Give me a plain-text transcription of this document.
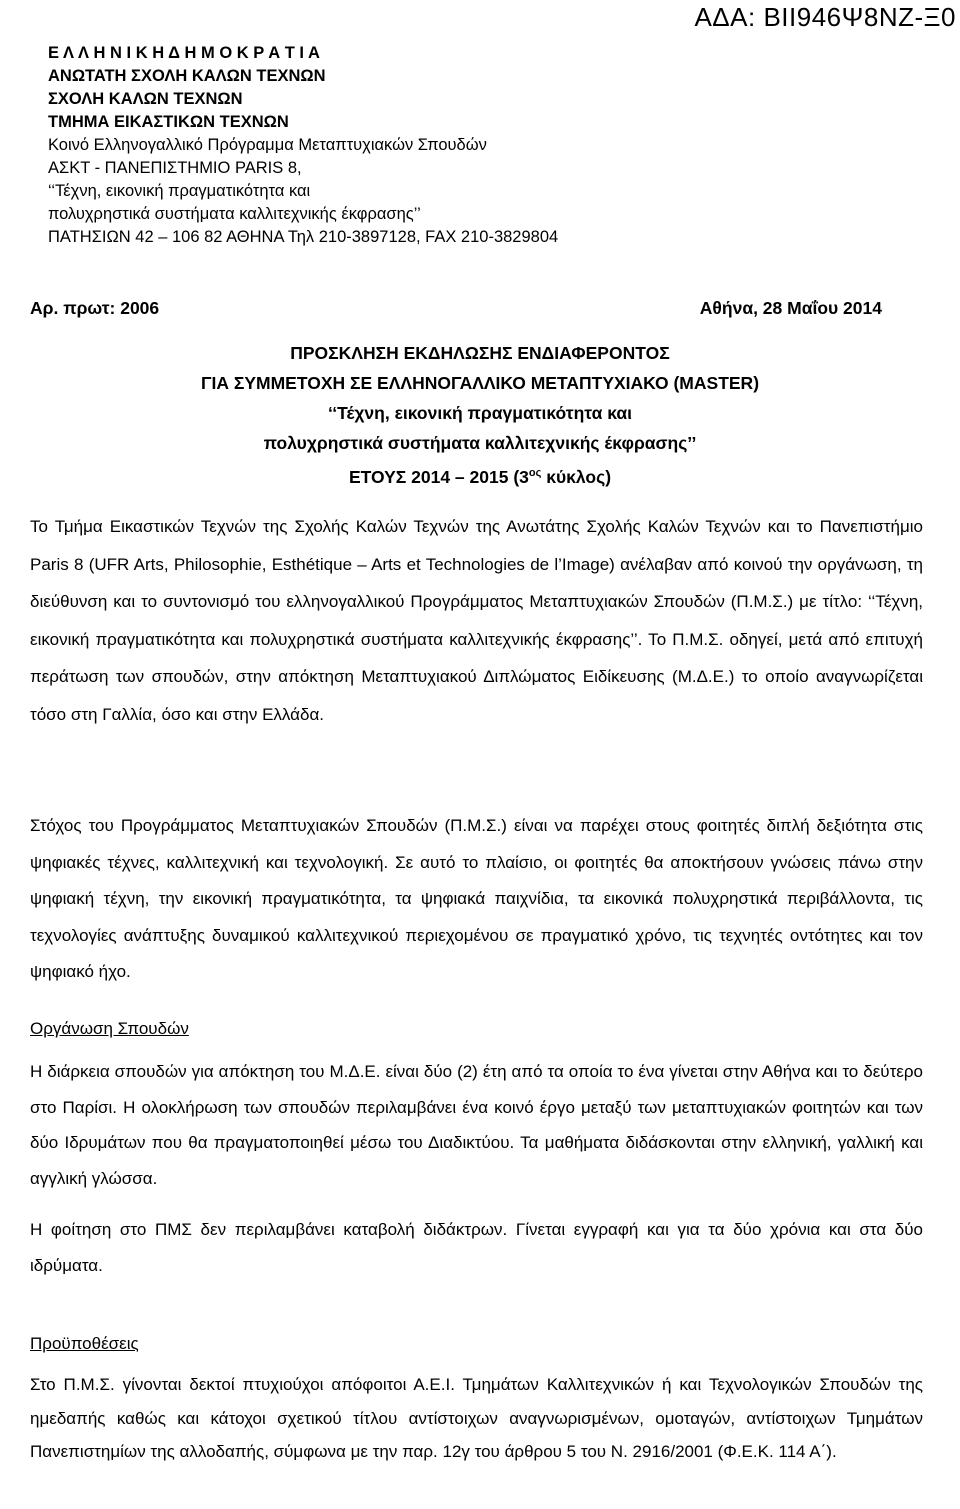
ΑΔΑ: ΒΙΙ946Ψ8ΝΖ-Ξ0
Ε Λ Λ Η Ν Ι Κ Η Δ Η Μ Ο Κ Ρ Α Τ Ι Α
ΑΝΩΤΑΤΗ ΣΧΟΛΗ ΚΑΛΩΝ ΤΕΧΝΩΝ
ΣΧΟΛΗ ΚΑΛΩΝ ΤΕΧΝΩΝ
ΤΜΗΜΑ ΕΙΚΑΣΤΙΚΩΝ ΤΕΧΝΩΝ
Κοινό Ελληνογαλλικό Πρόγραμμα Μεταπτυχιακών Σπουδών
ΑΣΚΤ - ΠΑΝΕΠΙΣΤΗΜΙΟ PARIS 8,
‘‘Τέχνη, εικονική πραγματικότητα και
πολυχρηστικά συστήματα καλλιτεχνικής έκφρασης’’
ΠΑΤΗΣΙΩΝ 42 – 106 82 ΑΘΗΝΑ Τηλ 210-3897128, FAX 210-3829804
Αρ. πρωτ: 2006	Αθήνα, 28 Μαΐου 2014
ΠΡΟΣΚΛΗΣΗ ΕΚΔΗΛΩΣΗΣ ΕΝΔΙΑΦΕΡΟΝΤΟΣ
ΓΙΑ ΣΥΜΜΕΤΟΧΗ ΣΕ ΕΛΛΗΝΟΓΑΛΛΙΚΟ ΜΕΤΑΠΤΥΧΙΑΚΟ (MASTER)
‘‘Τέχνη, εικονική πραγματικότητα και
πολυχρηστικά συστήματα καλλιτεχνικής έκφρασης’’
ΕΤΟΥΣ 2014 – 2015 ($3^{o\varsigma}$ κύκλος)
Το Τμήμα Εικαστικών Τεχνών της Σχολής Καλών Τεχνών της Ανωτάτης Σχολής Καλών Τεχνών και το Πανεπιστήμιο Paris 8 (UFR Arts, Philosophie, Esthétique – Arts et Technologies de l’Image) ανέλαβαν από κοινού την οργάνωση, τη διεύθυνση και το συντονισμό του ελληνογαλλικού Προγράμματος Μεταπτυχιακών Σπουδών (Π.Μ.Σ.) με τίτλο: ‘‘Τέχνη, εικονική πραγματικότητα και πολυχρηστικά συστήματα καλλιτεχνικής έκφρασης’’. Το Π.Μ.Σ. οδηγεί, μετά από επιτυχή περάτωση των σπουδών, στην απόκτηση Μεταπτυχιακού Διπλώματος Ειδίκευσης (Μ.Δ.Ε.) το οποίο αναγνωρίζεται τόσο στη Γαλλία, όσο και στην Ελλάδα.
Στόχος του Προγράμματος Μεταπτυχιακών Σπουδών (Π.Μ.Σ.) είναι να παρέχει στους φοιτητές διπλή δεξιότητα στις ψηφιακές τέχνες, καλλιτεχνική και τεχνολογική. Σε αυτό το πλαίσιο, οι φοιτητές θα αποκτήσουν γνώσεις πάνω στην ψηφιακή τέχνη, την εικονική πραγματικότητα, τα ψηφιακά παιχνίδια, τα εικονικά πολυχρηστικά περιβάλλοντα, τις τεχνολογίες ανάπτυξης δυναμικού καλλιτεχνικού περιεχομένου σε πραγματικό χρόνο, τις τεχνητές οντότητες και τον ψηφιακό ήχο.
Οργάνωση Σπουδών
Η διάρκεια σπουδών για απόκτηση του Μ.Δ.Ε. είναι δύο (2) έτη από τα οποία το ένα γίνεται στην Αθήνα και το δεύτερο στο Παρίσι. Η ολοκλήρωση των σπουδών περιλαμβάνει ένα κοινό έργο μεταξύ των μεταπτυχιακών φοιτητών και των δύο Ιδρυμάτων που θα πραγματοποιηθεί μέσω του Διαδικτύου. Τα μαθήματα διδάσκονται στην ελληνική, γαλλική και αγγλική γλώσσα.
Η φοίτηση στο ΠΜΣ δεν περιλαμβάνει καταβολή διδάκτρων. Γίνεται εγγραφή και για τα δύο χρόνια και στα δύο ιδρύματα.
Προϋποθέσεις
Στο Π.Μ.Σ. γίνονται δεκτοί πτυχιούχοι απόφοιτοι Α.Ε.Ι. Τμημάτων Καλλιτεχνικών ή και Τεχνολογικών Σπουδών της ημεδαπής καθώς και κάτοχοι σχετικού τίτλου αντίστοιχων αναγνωρισμένων, ομοταγών, αντίστοιχων Τμημάτων Πανεπιστημίων της αλλοδαπής, σύμφωνα με την παρ. 12γ του άρθρου 5 του Ν. 2916/2001 (Φ.Ε.Κ. 114 Α΄).
